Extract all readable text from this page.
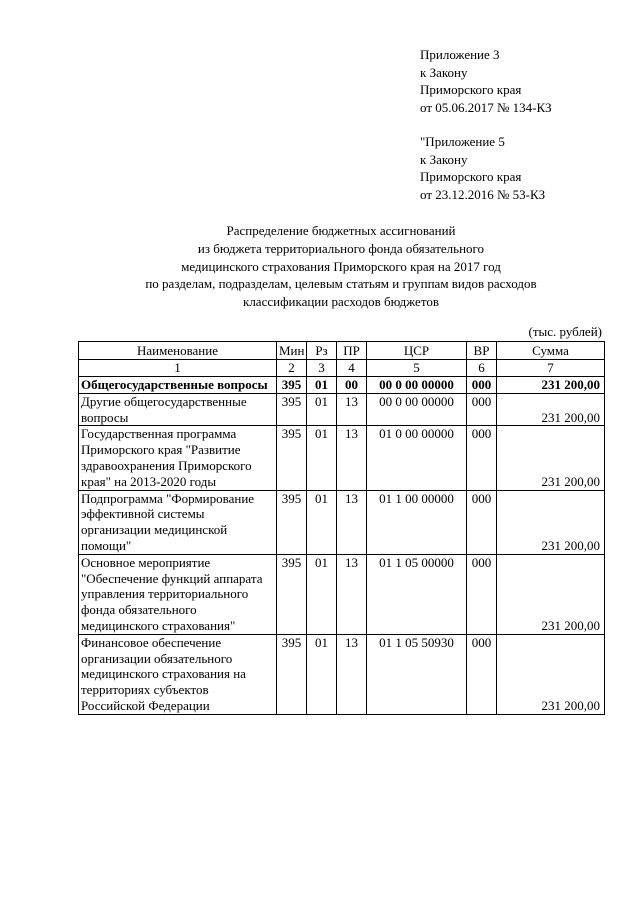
Приложение 3
к Закону
Приморского края
от 05.06.2017 № 134-КЗ
"Приложение 5
к Закону
Приморского края
от 23.12.2016 № 53-КЗ
Распределение бюджетных ассигнований
из бюджета территориального фонда обязательного
медицинского страхования Приморского края на 2017 год
по разделам, подразделам, целевым статьям и группам видов расходов
классификации расходов бюджетов
(тыс. рублей)
Наименование	Мин	Рз	ПР	ЦСР	ВР	Сумма
1	2	3	4	5	6	7
Общегосударственные вопросы	395	01	00	00 0 00 00000	000	231 200,00
Другие общегосударственные вопросы	395	01	13	00 0 00 00000	000	231 200,00
Государственная программа Приморского края "Развитие здравоохранения Приморского края" на 2013-2020 годы	395	01	13	01 0 00 00000	000	231 200,00
Подпрограмма "Формирование эффективной системы организации медицинской помощи"	395	01	13	01 1 00 00000	000	231 200,00
Основное мероприятие "Обеспечение функций аппарата управления территориального фонда обязательного медицинского страхования"	395	01	13	01 1 05 00000	000	231 200,00
Финансовое обеспечение организации обязательного медицинского страхования на территориях субъектов Российской Федерации	395	01	13	01 1 05 50930	000	231 200,00
